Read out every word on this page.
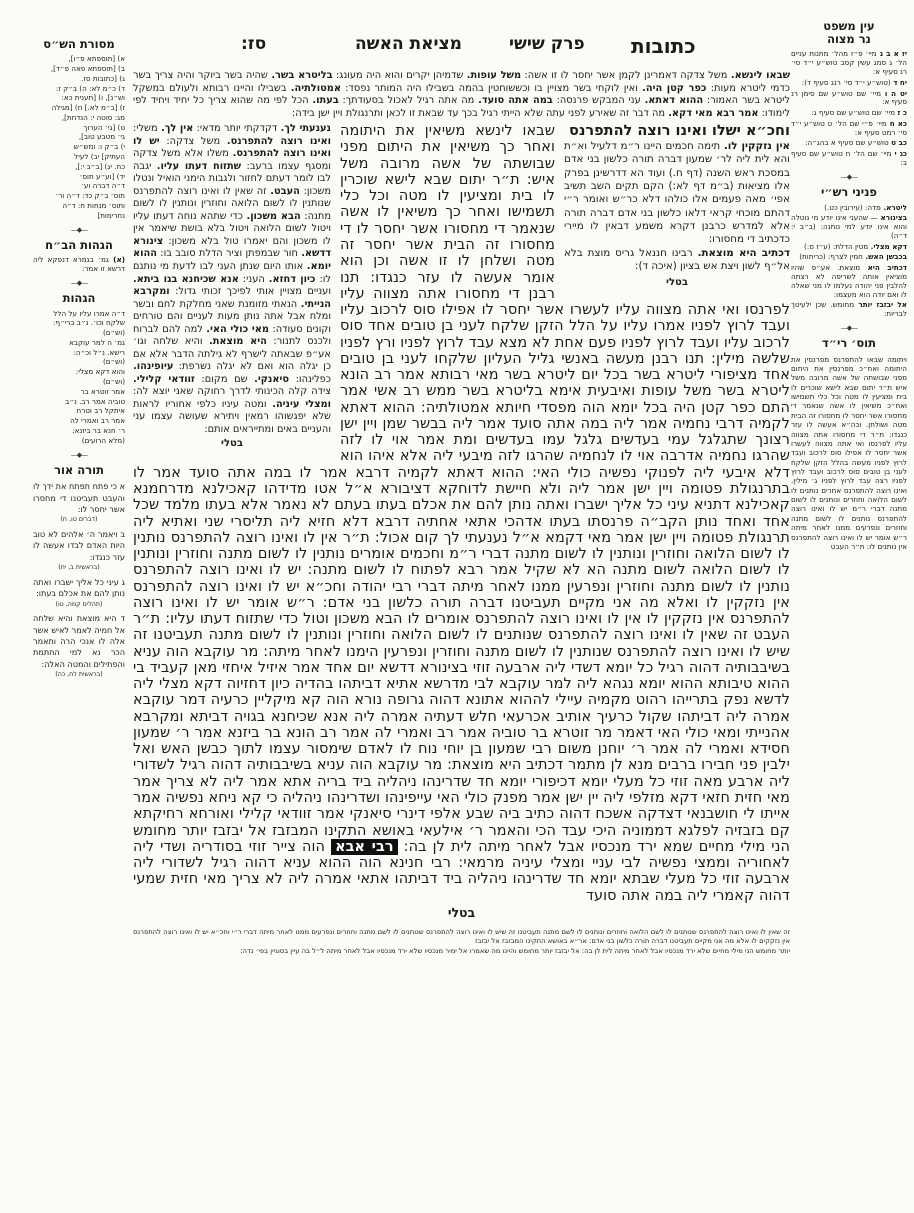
מסורת הש״ס
א) [תוספתא פ״ו],
ב) [תוספתא פאה פ״ד],
ג) [כתובות סז.
ד) כ״מ לא: ה) ב״ק ז:
וש״נ], ו) [תענית כא:
ז) [ב״מ לא.] ח) [מגילה
מג: סוטה י: הנדחת],
ט) [גי׳ הערוך
גי׳ מטבע טוב],
י) ב״ק ו: ומש״ש
העתיק] יב) לעיל
כח. יג) [ב״ב י:],
יד) [וע״ע תוס׳
ד״ה דברה וע׳
תוס׳ ב״ק כד: ד״ה ור׳
ותוס׳ מנחות ח: ד״ה
נחרימות]
—◆—
הגהות הב״ח
(א) גמ׳ בגמרא דנפקא ליה דרשא זו אמר:
—◆—
הגהות
ד״ה אמרו עליו על הלל
שלקח וכו׳. נ״ב ברי״ף:
(וש״ם)
גמ׳ ה למר עוקבא
רישא. נ״ל וכ״ה:
(וש״ם)
והוא דקא מצלי:
(וש״ם)
אמר זוטרא בר
טוביה אמר רב. נ״ב
איתקל רב וטרח
אמר רב ואמרי לה
ר׳ חנא בר ביזנא:
(מלא הרועים)
—◆—
תורה אור
א כי פתח תפתח את ידך לו והעבט תעביטנו די מחסרו אשר יחסר לו:
(דברים טו, ח)
ב ויאמר ה׳ אלהים לא טוב היות האדם לבדו אעשה לו עזר כנגדו:
(בראשית ב, יח)
ג עיני כל אליך ישברו ואתה נותן להם את אכלם בעתו:
(תהלים קמה, טו)
ד היא מוצאת והיא שלחה אל חמיה לאמר לאיש אשר אלה לו אנכי הרה ותאמר הכר נא למי החתמת והפתילים והמטה האלה:
(בראשית לח, כה)
עין משפט
נר מצוה
יז א ב ג מיי׳ פ״ז מהל׳ מתנות עניים הל׳ ג סמג עשין קסב טוש״ע י״ד סי׳ רנ סעיף א:
יח ד (טוש״ע י״ד סי׳ רנג סעיף ד):
יט ה ו מיי׳ שם טוש״ע שם סימן רנ סעיף א:
כ ז מיי׳ שם טוש״ע שם סעיף ג:
כא ח מיי׳ פ״י שם הל׳ ט טוש״ע י״ד סי׳ רמט סעיף א:
כב ט טוש״ע שם סעיף א בהג״ה:
כג י מיי׳ שם הל׳ ח טוש״ע שם סעיף ב:
—◆—
פניני רש״י
ליטרא. מדה: (עירובין כט.)
בצינורא — שהעני אינו יודע מי נוטלה והוא אינו יודע למי נותנה: (ב״ב י: ד״ה)
דקא מצלי. מטין הדלת: (ע״ז ס:)
בכבשן האש. חמין לצרף: (כריתות)
דכתיב היא מוצאת. אע״פ שהיו מוציאין אותה לשריפה לא רצתה להלבין פני יהודה נעלמו לו מני שאלה לו ואם יודה הוא מעצמו:
אל יבזבז יותר מחומש. שכן ילעיטך לבריות:
—◆—
תוס׳ רי״ד
ויתומה שבאו להתפרנס מפרנסין את היתומה ואח״כ מפרנסין את היתום מפני שבושתה של אשה מרובה משל איש ת״ר יתום שבא לישא שוכרים לו בית ומציעין לו מטה וכל כלי תשמישו ואח״כ משיאין לו אשה שנאמר די מחסורו אשר יחסר לו מחסורו זה הבית מטה ושולחן. וכה״א אעשה לו עזר כנגדו: ת״ר די מחסורו אתה מצווה עליו לפרנסו ואי אתה מצווה לעשרו אשר יחסר לו אפילו סוס לרכוב ועבד לרוץ לפניו מעשה בהלל הזקן שלקח לעני בן טובים סוס לרכוב ועבד לרוץ לפניו רצה עבד לרוץ לפניו ג׳ מילין. ואינו רוצה להתפרנס אחרים נותנים לו לשום הלואה וחוזרים ונותנים לו לשום מתנה דברי ר״מ יש לו ואינו רוצה להתפרנס נותנים לו לשום מתנה וחוזרים ונפרעים ממנו לאחר מיתה ר״ש אומר יש לו ואינו רוצה להתפרנס אין נותנים לו: ת״ר העבט
כתובות
פרק שישי
מציאת האשה
סז:
שבאו לינשא. משל צדקה דאמרינן לקמן אשר יחסר לו זו אשה: משל עופות. שדמיהן יקרים והוא היה מעונג: בליטרא בשר. שהיה בשר ביוקר והיה צריך בשר כדמי ליטרא מעות: כפר קטן היה. ואין לוקחי בשר מצויין בו וכששוחטין בהמה בשבילו היה המותר נפסד: אמטולתיה. בשבילו והיינו רבותא ולעולם במשקל ליטרא בשר האמור: ההוא דאתא. עני המבקש פרנסה: במה אתה סועד. מה אתה רגיל לאכול בסעודתך: בעתו. הכל לפי מה שהוא צריך כל יחיד ויחיד לפי לימודו: אמר רבא מאי דקא. מה דבר זה שאירע לפני עתה שלא הייתי רגיל בכך עד שבאת זו לכאן ותרנגולת ויין ישן בידה:
נענעתי לך. דקדקתי יותר מדאי: אין לך. משלי: ואינו רוצה להתפרנס. משל צדקה: יש לו ואינו רוצה להתפרנס. משלו אלא משל צדקה ומסגף עצמו ברעב: שתזוח דעתו עליו. יגבה לבו לומר דעתם לחזור ולגבות הימני הואיל ונטלו משכון: העבט. זה שאין לו ואינו רוצה להתפרנס שנותנין לו לשום הלואה וחוזרין ונותנין לו לשום מתנה: הבא משכון. כדי שתהא נוחה דעתו עליו ויטול לשום הלואה ויטול בלא בושת שיאמר אין לו משכון והם יאמרו טול בלא משכון: צינורא דדשא. חור שבמפתן וציר הדלת סובב בו: ההוא יומא. אותו היום שנתן העני לבו לדעת מי נותנם לו: כיון דחזא. העני: אנא שכיחנא בגו ביתא. ועניים מצויין אותי לפיכך זכותי גדול: ומקרבא הנייתי. הנאתי מזומנת שאני מחלקת לחם ובשר ומלח אבל אתה נותן מעות לעניים והם טורחים וקונים סעודה: מאי כולי האי. למה להם לברוח ולכנס לתנור: היא מוצאת. והיא שלחה וגו׳ אע״פ שבאתה לישרף לא גילתה הדבר אלא אם כן יגלה הוא ואם לא יגלה נשרפת: עיופינהו. כפלינהו: סיאנקי. שם מקום: זוודאי קלילי. צידה קלה הכינותי לדרך רחוקה שאני יוצא לה: ומצלי עיניה. ומטה עיניו כלפי אחוריו לראות שלא יפגשוהו רמאין ויתירא שעושה עצמו עני והעניים באים ומתייראים אותם:
בטלי
וחכ״א ישלו ואינו רוצה להתפרנס
אין נזקקין לו. תימה חכמים היינו ר״מ דלעיל וא״ת והא לית ליה לר׳ שמעון דברה תורה כלשון בני אדם במסכת ראש השנה (דף ח.) ועוד הא דדרשינן בפרק אלו מציאות (ב״מ דף לא:) הקם תקים השב תשיב אפי׳ מאה פעמים אלו כולהו דלא כר״ש ואומר ר״י דהתם מוכחי קראי דלאו כלשון בני אדם דברה תורה אלא למדרש כרבנן דקרא משמע דבאין לו מיירי כדכתיב די מחסורו:
דכתיב היא מוצאת. רבינו חננאל גריס מוצת בלא אל״ף לשון ויצת אש בציון (איכה ד):
בטלי
שבאו לינשא משיאין את היתומה ואחר כך משיאין את היתום מפני שבושתה של אשה מרובה משל איש: ת״ר יתום שבא לישא שוכרין לו בית ומציעין לו מטה וכל כלי תשמישו ואחר כך משיאין לו אשה שנאמר די מחסורו אשר יחסר לו די מחסורו זה הבית אשר יחסר זה מטה ושלחן לו זו אשה וכן הוא אומר אעשה לו עזר כנגדו: תנו רבנן די מחסורו אתה מצווה עליו לפרנסו ואי אתה מצווה עליו לעשרו אשר יחסר לו אפילו סוס לרכוב עליו ועבד לרוץ לפניו אמרו עליו על הלל הזקן שלקח לעני בן טובים אחד סוס לרכוב עליו ועבד לרוץ לפניו פעם אחת לא מצא עבד לרוץ לפניו ורץ לפניו שלשה מילין: תנו רבנן מעשה באנשי גליל העליון שלקחו לעני בן טובים אחד מציפורי ליטרא בשר בכל יום ליטרא בשר מאי רבותא אמר רב הונא ליטרא בשר משל עופות ואיבעית אימא בליטרא בשר ממש רב אשי אמר התם כפר קטן היה בכל יומא הוה מפסדי חיותא אמטולתיה: ההוא דאתא לקמיה דרבי נחמיה אמר ליה במה אתה סועד אמר ליה בבשר שמן ויין ישן רצונך שתגלגל עמי בעדשים גלגל עמו בעדשים ומת אמר אוי לו לזה שהרגו נחמיה אדרבה אוי לו לנחמיה שהרגו לזה מיבעי ליה אלא איהו הוא דלא איבעי ליה לפנוקי נפשיה כולי האי: ההוא דאתא לקמיה דרבא אמר לו במה אתה סועד אמר לו בתרנגולת פטומה ויין ישן אמר ליה ולא חיישת לדוחקא דציבורא א״ל אטו מדידהו קאכילנא מדרחמנא קאכילנא דתניא עיני כל אליך ישברו ואתה נותן להם את אכלם בעתו בעתם לא נאמר אלא בעתו מלמד שכל אחד ואחד נותן הקב״ה פרנסתו בעתו אדהכי אתאי אחתיה דרבא דלא חזיא ליה תליסרי שני ואתיא ליה תרנגולת פטומה ויין ישן אמר מאי דקמא א״ל נענעתי לך קום אכול: ת״ר אין לו ואינו רוצה להתפרנס נותנין לו לשום הלואה וחוזרין ונותנין לו לשום מתנה דברי ר״מ וחכמים אומרים נותנין לו לשום מתנה וחוזרין ונותנין לו לשום הלואה לשום מתנה הא לא שקיל אמר רבא לפתוח לו לשום מתנה: יש לו ואינו רוצה להתפרנס נותנין לו לשום מתנה וחוזרין ונפרעין ממנו לאחר מיתה דברי רבי יהודה וחכ״א יש לו ואינו רוצה להתפרנס אין נזקקין לו ואלא מה אני מקיים תעביטנו דברה תורה כלשון בני אדם: ר״ש אומר יש לו ואינו רוצה להתפרנס אין נזקקין לו אין לו ואינו רוצה להתפרנס אומרים לו הבא משכון וטול כדי שתזוח דעתו עליו: ת״ר העבט זה שאין לו ואינו רוצה להתפרנס שנותנים לו לשום הלואה וחוזרין ונותנין לו לשום מתנה תעביטנו זה שיש לו ואינו רוצה להתפרנס שנותנין לו לשום מתנה וחוזרין ונפרעין הימנו לאחר מיתה: מר עוקבא הוה עניא בשיבבותיה דהוה רגיל כל יומא דשדי ליה ארבעה זוזי בצינורא דדשא יום אחד אמר איזיל איחזי מאן קעביד בי ההוא טיבותא ההוא יומא נגהא ליה למר עוקבא לבי מדרשא אתיא דביתהו בהדיה כיון דחזיוה דקא מצלי ליה לדשא נפק בתרייהו רהוט מקמיה עיילי לההוא אתונא דהוה גרופה נורא הוה קא מיקליין כרעיה דמר עוקבא אמרה ליה דביתהו שקול כרעיך אותיב אכרעאי חלש דעתיה אמרה ליה אנא שכיחנא בגויה דביתא ומקרבא אהנייתי ומאי כולי האי דאמר מר זוטרא בר טוביה אמר רב ואמרי לה אמר רב הונא בר ביזנא אמר ר׳ שמעון חסידא ואמרי לה אמר ר׳ יוחנן משום רבי שמעון בן יוחי נוח לו לאדם שימסור עצמו לתוך כבשן האש ואל ילבין פני חבירו ברבים מנא לן מתמר דכתיב היא מוצאת: מר עוקבא הוה עניא בשיבבותיה דהוה רגיל לשדורי ליה ארבע מאה זוזי כל מעלי יומא דכיפורי יומא חד שדרינהו ניהליה ביד בריה אתא אמר ליה לא צריך אמר מאי חזית חזאי דקא מזלפי ליה יין ישן אמר מפנק כולי האי עייפינהו ושדרינהו ניהליה כי קא ניחא נפשיה אמר אייתו לי חושבנאי דצדקה אשכח דהוה כתיב ביה שבע אלפי דינרי סיאנקי אמר זוודאי קלילי ואורחא רחיקתא קם בזבזיה לפלגא דממוניה היכי עבד הכי והאמר ר׳ אילעאי באושא התקינו המבזבז אל יבזבז יותר מחומש הני מילי מחיים שמא ירד מנכסיו אבל לאחר מיתה לית לן בה: רבי אבא הוה צייר זוזי בסודריה ושדי ליה לאחוריה וממצי נפשיה לבי עניי ומצלי עיניה מרמאי: רבי חנינא הוה ההוא עניא דהוה רגיל לשדורי ליה ארבעה זוזי כל מעלי שבתא יומא חד שדרינהו ניהליה ביד דביתהו אתאי אמרה ליה לא צריך מאי חזית שמעי דהוה קאמרי ליה במה אתה סועד
בטלי
זה שאין לו ואינו רוצה להתפרנס שנותנים לו לשם הלואה וחוזרים ונותנים לו לשם מתנה תעביטנו זה שיש לו ואינו רוצה להתפרנס שנותנים לו לשם מתנה וחוזרים ונפרעים ממנו לאחר מיתה דברי ר״י וחכ״א יש לו ואינו רוצה להתפרנס אין נזקקים לו אלא מה אני מקיים תעביטנו דברה תורה כלשון בני אדם: אר״א באושא התקינו המבזבז אל יבזבז
יותר מחומש הני מילי מחיים שלא ירד מנכסיו אבל לאחר מיתה לית לן בה: אל יבזבז יותר מחומש והיינו מה שאמרו אל ימיר מנכסיו שלא ירד מנכסיו אבל לאחר מיתה ל״ל בה עיין בסוגיין בפי׳ נדה:
